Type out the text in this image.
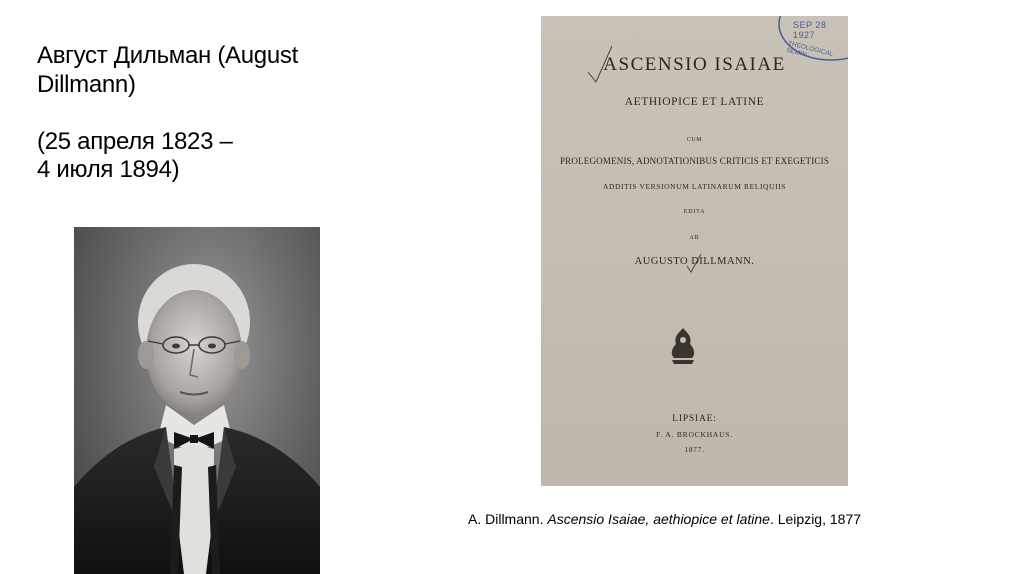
Август Дильман (August
Dillmann)
(25 апреля 1823 –
4 июля 1894)
SEP 28 1927
THEOLOGICAL SEMIN
ASCENSIO ISAIAE
AETHIOPICE ET LATINE
CUM
PROLEGOMENIS, ADNOTATIONIBUS CRITICIS ET EXEGETICIS
ADDITIS VERSIONUM LATINARUM RELIQUIIS
EDITA
AB
AUGUSTO DILLMANN.
LIPSIAE:
F. A. BROCKHAUS.
1877.
A. Dillmann. Ascensio Isaiae, aethiopice et latine. Leipzig, 1877
